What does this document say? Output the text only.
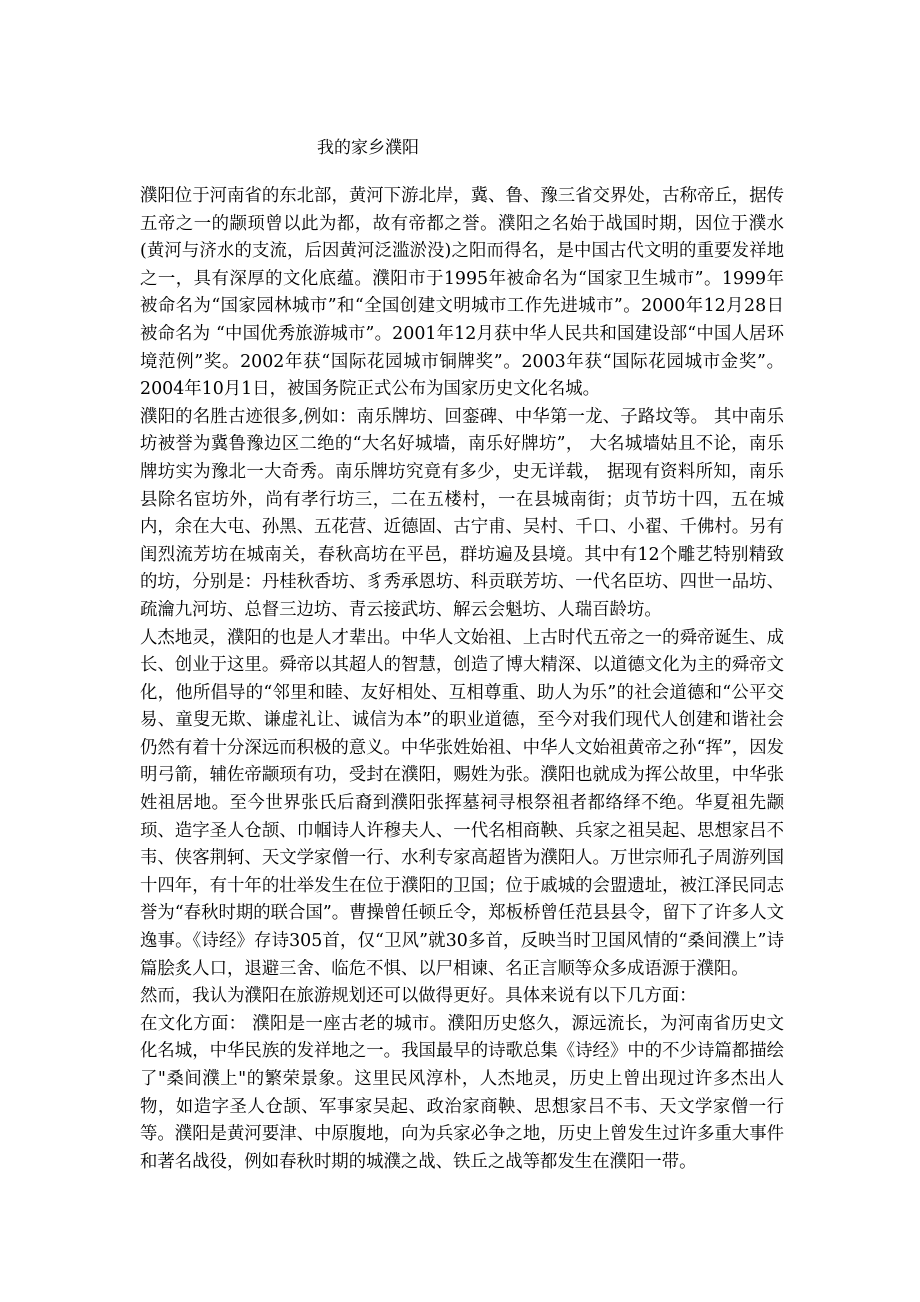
我的家乡濮阳

濮阳位于河南省的东北部，黄河下游北岸，冀、鲁、豫三省交界处，古称帝丘，据传五帝之一的颛顼曾以此为都，故有帝都之誉。濮阳之名始于战国时期，因位于濮水(黄河与济水的支流，后因黄河泛滥淤没)之阳而得名，是中国古代文明的重要发祥地之一，具有深厚的文化底蕴。濮阳市于1995年被命名为“国家卫生城市”。1999年被命名为“国家园林城市”和“全国创建文明城市工作先进城市”。2000年12月28日被命名为 “中国优秀旅游城市”。2001年12月获中华人民共和国建设部“中国人居环境范例”奖。2002年获“国际花园城市铜牌奖”。2003年获“国际花园城市金奖”。2004年10月1日，被国务院正式公布为国家历史文化名城。

濮阳的名胜古迹很多,例如：南乐牌坊、回銮碑、中华第一龙、子路坟等。 其中南乐坊被誉为冀鲁豫边区二绝的“大名好城墙，南乐好牌坊”， 大名城墙姑且不论，南乐牌坊实为豫北一大奇秀。南乐牌坊究竟有多少，史无详载， 据现有资料所知，南乐县除名宦坊外，尚有孝行坊三，二在五楼村，一在县城南街；贞节坊十四，五在城内，余在大屯、孙黑、五花营、近德固、古宁甫、吴村、千口、小翟、千佛村。另有闺烈流芳坊在城南关，春秋高坊在平邑，群坊遍及县境。其中有12个雕艺特别精致的坊，分别是：丹桂秋香坊、豸秀承恩坊、科贡联芳坊、一代名臣坊、四世一品坊、疏瀹九河坊、总督三边坊、青云接武坊、解云会魁坊、人瑞百龄坊。

人杰地灵，濮阳的也是人才辈出。中华人文始祖、上古时代五帝之一的舜帝诞生、成长、创业于这里。舜帝以其超人的智慧，创造了博大精深、以道德文化为主的舜帝文化，他所倡导的“邻里和睦、友好相处、互相尊重、助人为乐”的社会道德和“公平交易、童叟无欺、谦虚礼让、诚信为本”的职业道德，至今对我们现代人创建和谐社会仍然有着十分深远而积极的意义。中华张姓始祖、中华人文始祖黄帝之孙“挥”，因发明弓箭，辅佐帝颛顼有功，受封在濮阳，赐姓为张。濮阳也就成为挥公故里，中华张姓祖居地。至今世界张氏后裔到濮阳张挥墓祠寻根祭祖者都络绎不绝。华夏祖先颛顼、造字圣人仓颉、巾帼诗人许穆夫人、一代名相商鞅、兵家之祖吴起、思想家吕不韦、侠客荆轲、天文学家僧一行、水利专家高超皆为濮阳人。万世宗师孔子周游列国十四年，有十年的壮举发生在位于濮阳的卫国；位于戚城的会盟遗址，被江泽民同志誉为“春秋时期的联合国”。曹操曾任顿丘令，郑板桥曾任范县县令，留下了许多人文逸事。《诗经》存诗305首，仅“卫风”就30多首，反映当时卫国风情的“桑间濮上”诗篇脍炙人口，退避三舍、临危不惧、以尸相谏、名正言顺等众多成语源于濮阳。

然而，我认为濮阳在旅游规划还可以做得更好。具体来说有以下几方面：

在文化方面： 濮阳是一座古老的城市。濮阳历史悠久，源远流长，为河南省历史文化名城，中华民族的发祥地之一。我国最早的诗歌总集《诗经》中的不少诗篇都描绘了"桑间濮上"的繁荣景象。这里民风淳朴，人杰地灵，历史上曾出现过许多杰出人物，如造字圣人仓颉、军事家吴起、政治家商鞅、思想家吕不韦、天文学家僧一行等。濮阳是黄河要津、中原腹地，向为兵家必争之地，历史上曾发生过许多重大事件和著名战役，例如春秋时期的城濮之战、铁丘之战等都发生在濮阳一带。
